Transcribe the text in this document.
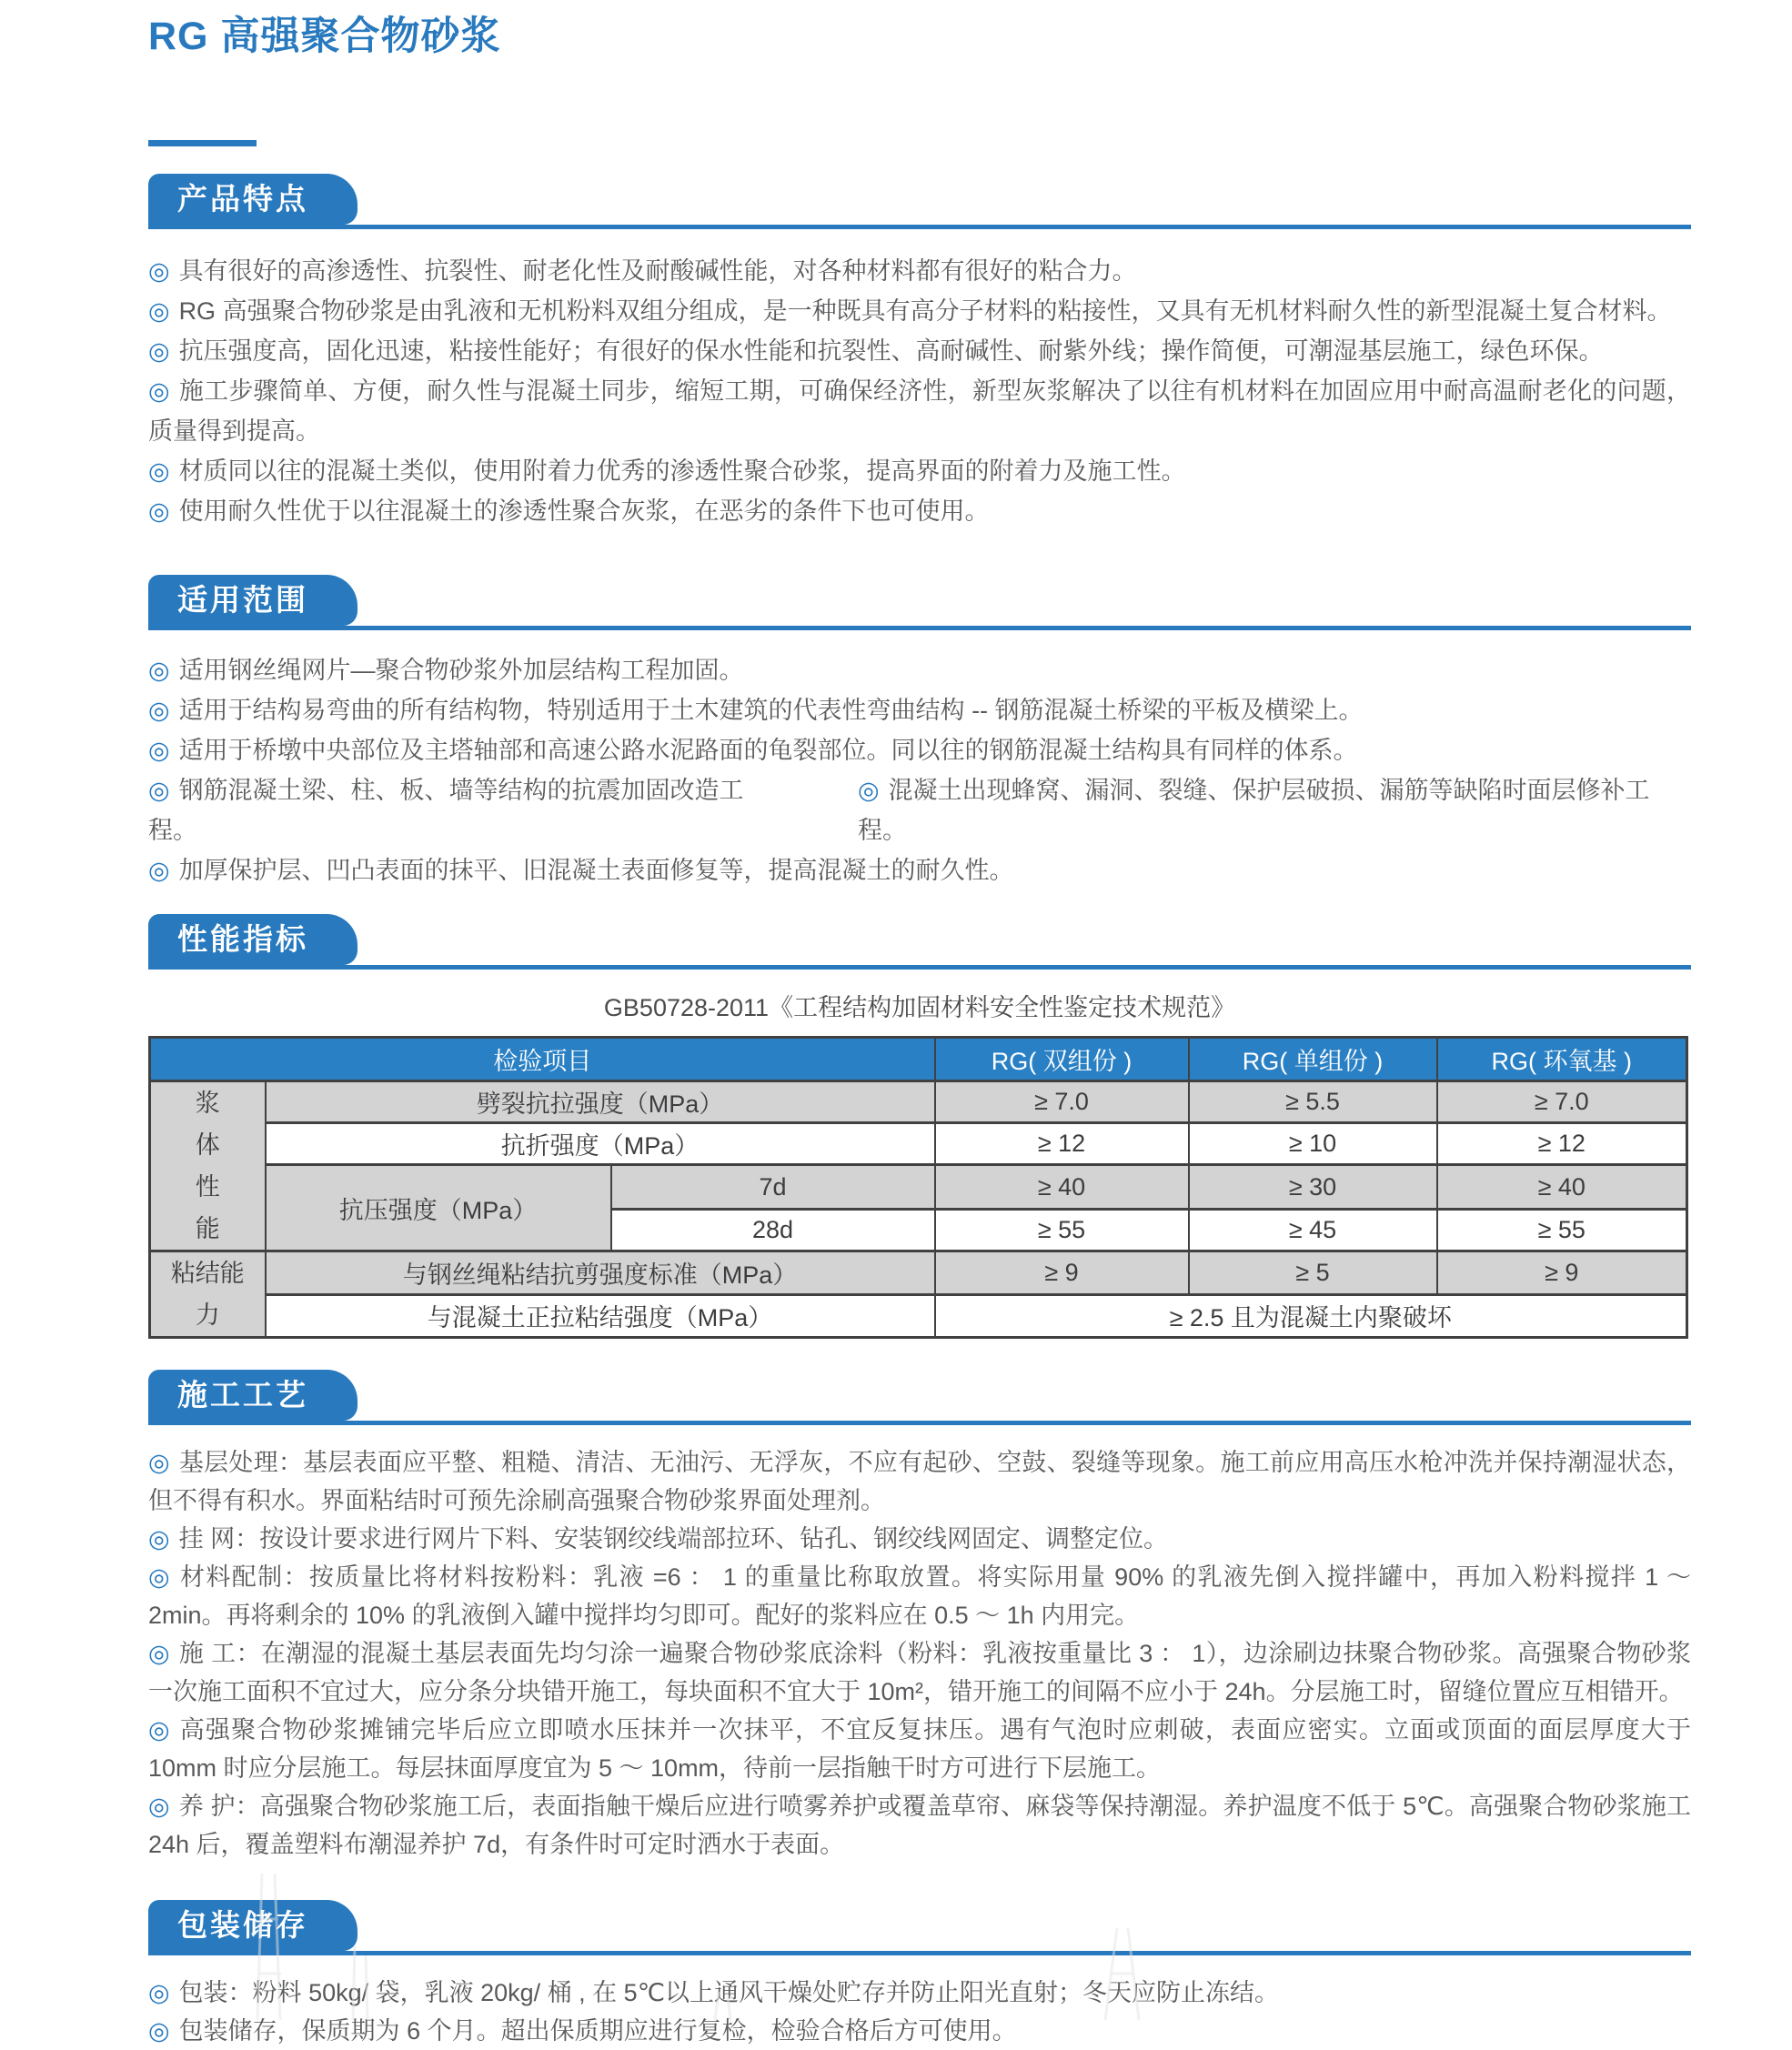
RG 高强聚合物砂浆
产品特点
◎ 具有很好的高渗透性、抗裂性、耐老化性及耐酸碱性能，对各种材料都有很好的粘合力。
◎ RG 高强聚合物砂浆是由乳液和无机粉料双组分组成，是一种既具有高分子材料的粘接性，又具有无机材料耐久性的新型混凝土复合材料。
◎ 抗压强度高，固化迅速，粘接性能好；有很好的保水性能和抗裂性、高耐碱性、耐紫外线；操作简便，可潮湿基层施工，绿色环保。
◎ 施工步骤简单、方便，耐久性与混凝土同步，缩短工期，可确保经济性，新型灰浆解决了以往有机材料在加固应用中耐高温耐老化的问题，质量得到提高。
◎ 材质同以往的混凝土类似，使用附着力优秀的渗透性聚合砂浆，提高界面的附着力及施工性。
◎ 使用耐久性优于以往混凝土的渗透性聚合灰浆，在恶劣的条件下也可使用。
适用范围
◎ 适用钢丝绳网片—聚合物砂浆外加层结构工程加固。
◎ 适用于结构易弯曲的所有结构物，特别适用于土木建筑的代表性弯曲结构 -- 钢筋混凝土桥梁的平板及横梁上。
◎ 适用于桥墩中央部位及主塔轴部和高速公路水泥路面的龟裂部位。同以往的钢筋混凝土结构具有同样的体系。
◎ 钢筋混凝土梁、柱、板、墙等结构的抗震加固改造工程。
◎ 混凝土出现蜂窝、漏洞、裂缝、保护层破损、漏筋等缺陷时面层修补工程。
◎ 加厚保护层、凹凸表面的抹平、旧混凝土表面修复等，提高混凝土的耐久性。
性能指标
GB50728-2011《工程结构加固材料安全性鉴定技术规范》
检验项目			RG( 双组份 )	RG( 单组份 )	RG( 环氧基 )

浆
体
性
能	劈裂抗拉强度（MPa）		≥ 7.0	≥ 5.5	≥ 7.0
	抗折强度（MPa）		≥ 12	≥ 10	≥ 12
	抗压强度（MPa）	7d	≥ 40	≥ 30	≥ 40
		28d	≥ 55	≥ 45	≥ 55

粘结能
力	与钢丝绳粘结抗剪强度标准（MPa）		≥ 9	≥ 5	≥ 9
	与混凝土正拉粘结强度（MPa）		≥ 2.5 且为混凝土内聚破坏		
施工工艺
◎ 基层处理：基层表面应平整、粗糙、清洁、无油污、无浮灰，不应有起砂、空鼓、裂缝等现象。施工前应用高压水枪冲洗并保持潮湿状态，但不得有积水。界面粘结时可预先涂刷高强聚合物砂浆界面处理剂。
◎ 挂 网：按设计要求进行网片下料、安装钢绞线端部拉环、钻孔、钢绞线网固定、调整定位。
◎ 材料配制：按质量比将材料按粉料：乳液 =6 ： 1 的重量比称取放置。将实际用量 90% 的乳液先倒入搅拌罐中，再加入粉料搅拌 1 ～ 2min。再将剩余的 10% 的乳液倒入罐中搅拌均匀即可。配好的浆料应在 0.5 ～ 1h 内用完。
◎ 施 工：在潮湿的混凝土基层表面先均匀涂一遍聚合物砂浆底涂料（粉料：乳液按重量比 3 ： 1），边涂刷边抹聚合物砂浆。高强聚合物砂浆一次施工面积不宜过大，应分条分块错开施工，每块面积不宜大于 10m²，错开施工的间隔不应小于 24h。分层施工时，留缝位置应互相错开。
◎ 高强聚合物砂浆摊铺完毕后应立即喷水压抹并一次抹平，不宜反复抹压。遇有气泡时应刺破，表面应密实。立面或顶面的面层厚度大于 10mm 时应分层施工。每层抹面厚度宜为 5 ～ 10mm，待前一层指触干时方可进行下层施工。
◎ 养 护：高强聚合物砂浆施工后，表面指触干燥后应进行喷雾养护或覆盖草帘、麻袋等保持潮湿。养护温度不低于 5℃。高强聚合物砂浆施工 24h 后，覆盖塑料布潮湿养护 7d，有条件时可定时洒水于表面。
包装储存
◎ 包装：粉料 50kg/ 袋，乳液 20kg/ 桶 , 在 5℃以上通风干燥处贮存并防止阳光直射；冬天应防止冻结。
◎ 包装储存，保质期为 6 个月。超出保质期应进行复检，检验合格后方可使用。
